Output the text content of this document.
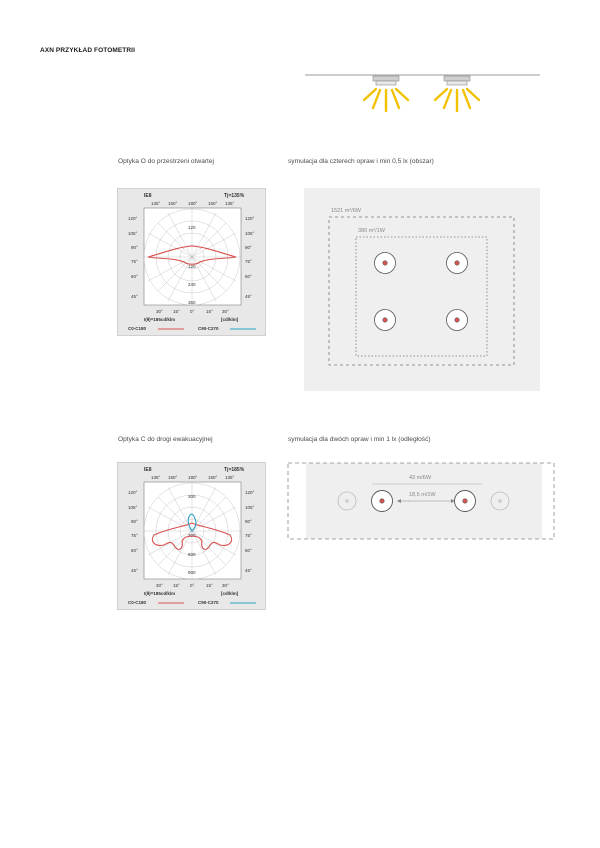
AXN PRZYKŁAD FOTOMETRII
Optyka O do przestrzeni otwartej	symulacja dla czterech opraw i min 0,5 lx (obszar)
IE8	Tj=135%
135° 150° 180° 150° 135°
120°
105°
90°
75°
60°
45°
120°
105°
90°
75°
60°
45°
120
120
240
360
30° 15° 0°	15° 30°
I(θ)=185cd/klm	[cd/klm]
C0-C180	C90-C270
1521 m²/6W
380 m²/1W
Optyka C do drogi ewakuacyjnej	symulacja dla dwóch opraw i min 1 lx (odległość)
IE8	Tj=185%
135° 150° 180° 150° 135°
120°
105°
90°
75°
60°
45°
120°
105°
90°
75°
60°
45°
300
300
600
900
30° 15° 0°	15° 30°
I(θ)=185cd/klm	[cd/klm]
C0-C180	C90-C270
43 m/6W
18,5 m/1W
